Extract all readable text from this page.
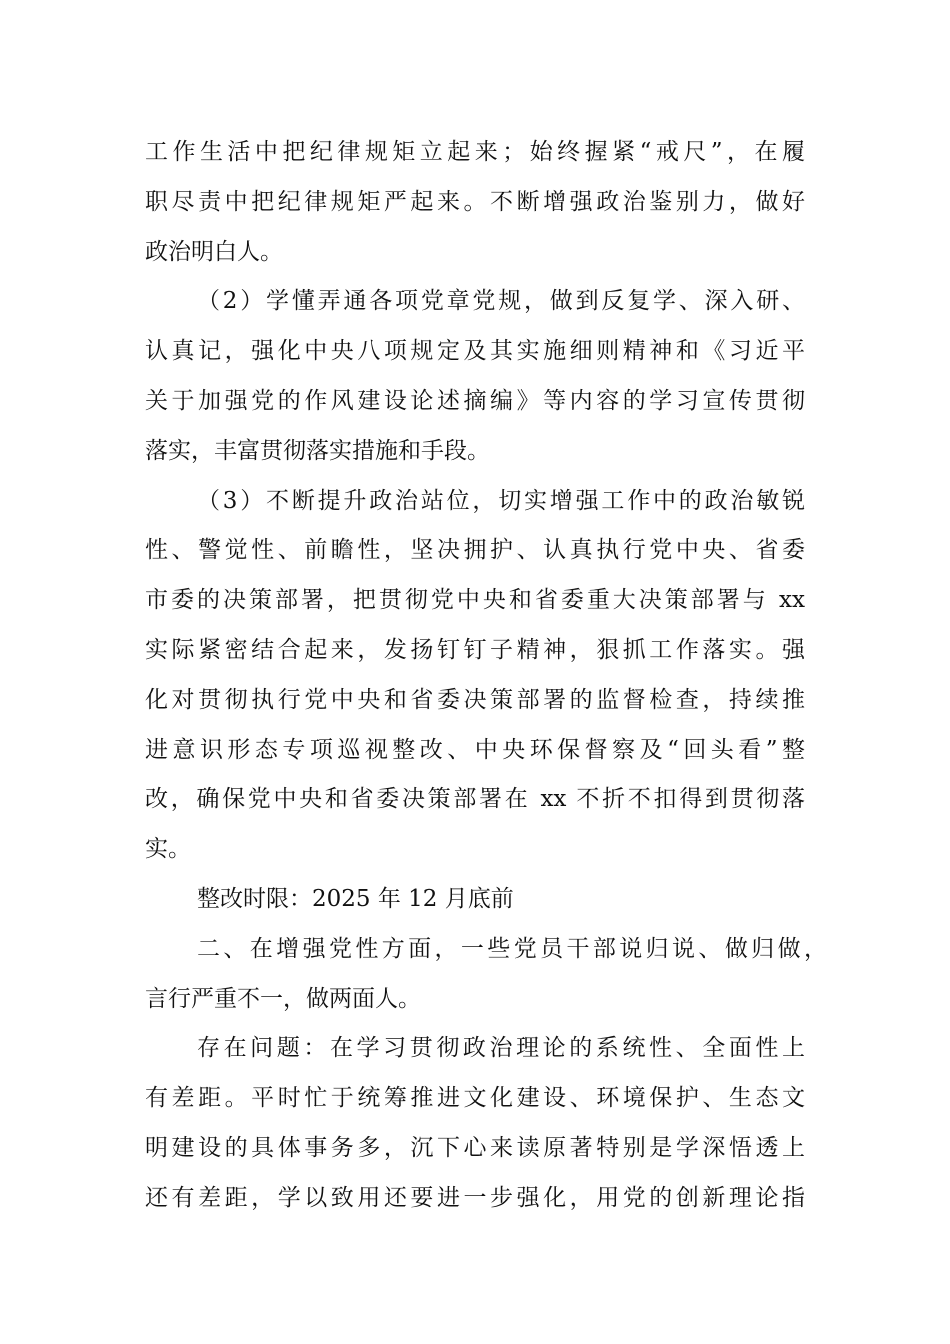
工作生活中把纪律规矩立起来；始终握紧“戒尺”，在履
职尽责中把纪律规矩严起来。不断增强政治鉴别力，做好
政治明白人。
（2）学懂弄通各项党章党规，做到反复学、深入研、
认真记，强化中央八项规定及其实施细则精神和《习近平
关于加强党的作风建设论述摘编》等内容的学习宣传贯彻
落实，丰富贯彻落实措施和手段。
（3）不断提升政治站位，切实增强工作中的政治敏锐
性、警觉性、前瞻性，坚决拥护、认真执行党中央、省委
市委的决策部署，把贯彻党中央和省委重大决策部署与 xx
实际紧密结合起来，发扬钉钉子精神，狠抓工作落实。强
化对贯彻执行党中央和省委决策部署的监督检查，持续推
进意识形态专项巡视整改、中央环保督察及“回头看”整
改，确保党中央和省委决策部署在 xx 不折不扣得到贯彻落
实。
整改时限：2025 年 12 月底前
二、在增强党性方面，一些党员干部说归说、做归做，
言行严重不一，做两面人。
存在问题：在学习贯彻政治理论的系统性、全面性上
有差距。平时忙于统筹推进文化建设、环境保护、生态文
明建设的具体事务多，沉下心来读原著特别是学深悟透上
还有差距，学以致用还要进一步强化，用党的创新理论指
